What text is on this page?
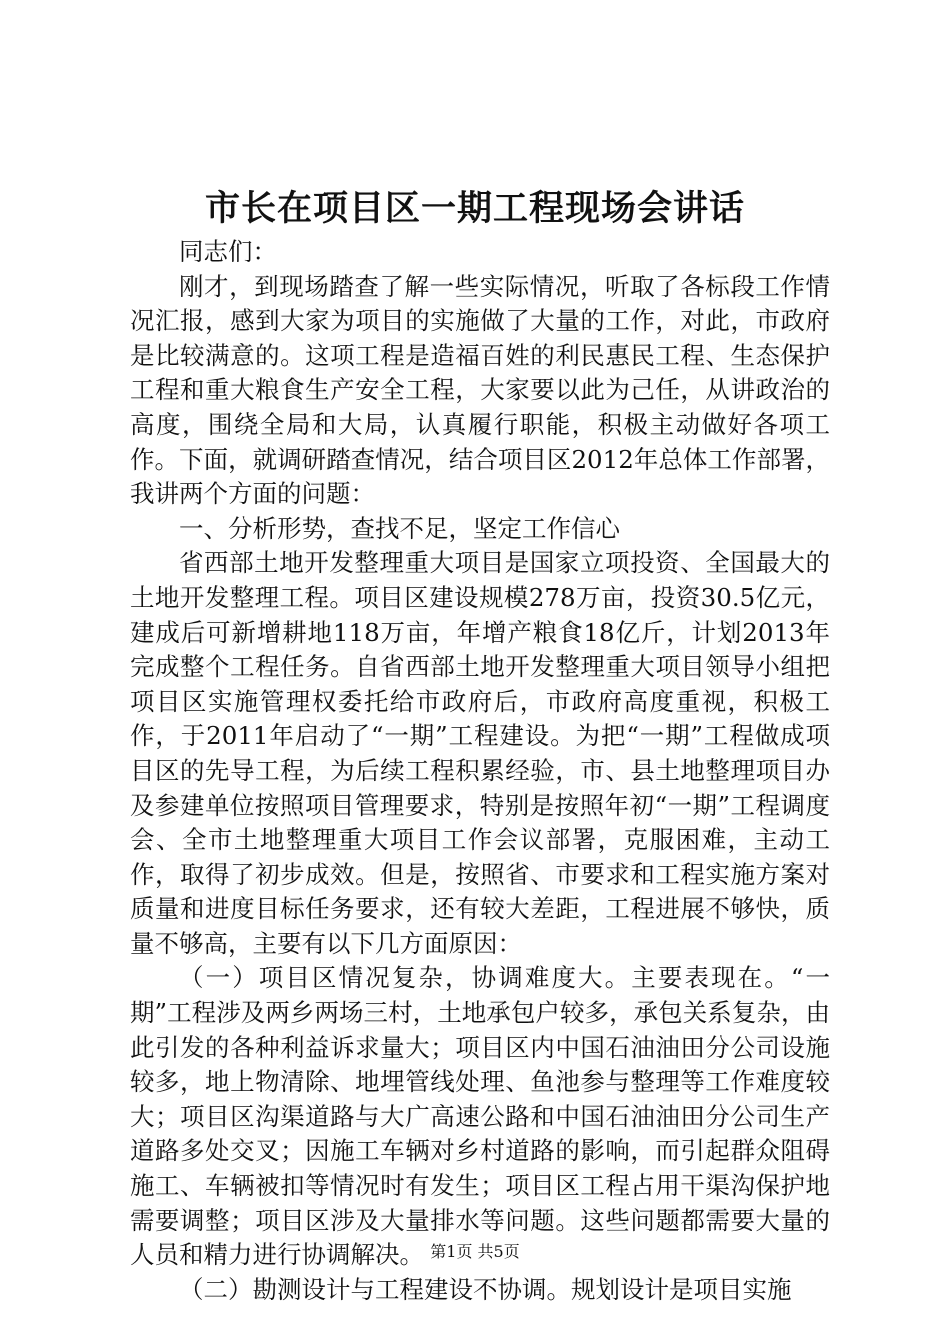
市长在项目区一期工程现场会讲话

同志们：

刚才，到现场踏查了解一些实际情况，听取了各标段工作情况汇报，感到大家为项目的实施做了大量的工作，对此，市政府是比较满意的。这项工程是造福百姓的利民惠民工程、生态保护工程和重大粮食生产安全工程，大家要以此为己任，从讲政治的高度，围绕全局和大局，认真履行职能，积极主动做好各项工作。下面，就调研踏查情况，结合项目区2012年总体工作部署，我讲两个方面的问题：

一、分析形势，查找不足，坚定工作信心

省西部土地开发整理重大项目是国家立项投资、全国最大的土地开发整理工程。项目区建设规模278万亩，投资30.5亿元，建成后可新增耕地118万亩，年增产粮食18亿斤，计划2013年完成整个工程任务。自省西部土地开发整理重大项目领导小组把项目区实施管理权委托给市政府后，市政府高度重视，积极工作，于2011年启动了“一期”工程建设。为把“一期”工程做成项目区的先导工程，为后续工程积累经验，市、县土地整理项目办及参建单位按照项目管理要求，特别是按照年初“一期”工程调度会、全市土地整理重大项目工作会议部署，克服困难，主动工作，取得了初步成效。但是，按照省、市要求和工程实施方案对质量和进度目标任务要求，还有较大差距，工程进展不够快，质量不够高，主要有以下几方面原因：

（一）项目区情况复杂，协调难度大。主要表现在。“一期”工程涉及两乡两场三村，土地承包户较多，承包关系复杂，由此引发的各种利益诉求量大；项目区内中国石油油田分公司设施较多，地上物清除、地埋管线处理、鱼池参与整理等工作难度较大；项目区沟渠道路与大广高速公路和中国石油油田分公司生产道路多处交叉；因施工车辆对乡村道路的影响，而引起群众阻碍施工、车辆被扣等情况时有发生；项目区工程占用干渠沟保护地需要调整；项目区涉及大量排水等问题。这些问题都需要大量的人员和精力进行协调解决。

（二）勘测设计与工程建设不协调。规划设计是项目实施

第1页 共5页
